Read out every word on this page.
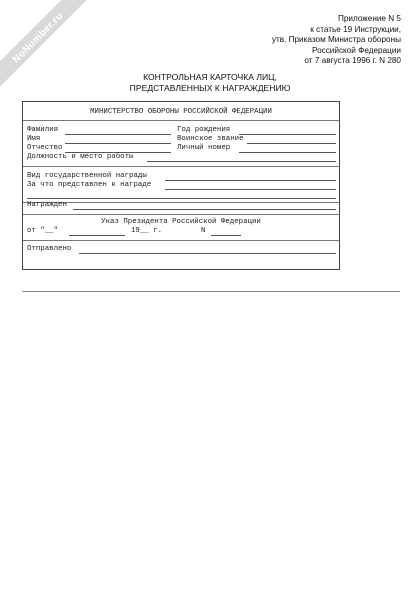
NoNumber.ru	Приложение N 5
к статье 19 Инструкции,
утв. Приказом Министра обороны
Российской Федерации
от 7 августа 1996 г. N 280
КОНТРОЛЬНАЯ КАРТОЧКА ЛИЦ,
ПРЕДСТАВЛЕННЫХ К НАГРАЖДЕНИЮ
МИНИСТЕРСТВО ОБОРОНЫ РОССИЙСКОЙ ФЕДЕРАЦИИ
Фамилия	Год рождения
Имя	Воинское звание
Отчество	Личный номер
Должность и место работы
Вид государственной награды
За что представлен к награде
Награжден
Указ Президента Российской Федерации
от "__"	19__ г.	N
Отправлено
